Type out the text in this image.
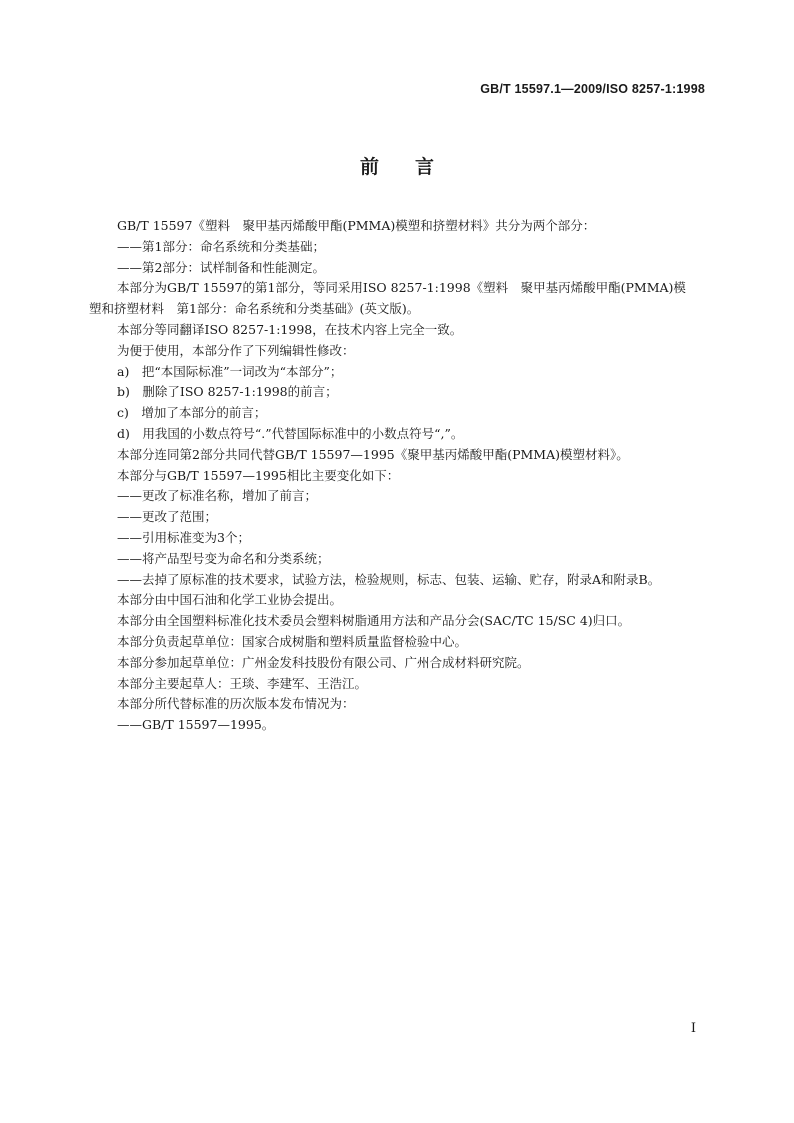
GB/T 15597.1—2009/ISO 8257-1:1998
前言

GB/T 15597《塑料　聚甲基丙烯酸甲酯(PMMA)模塑和挤塑材料》共分为两个部分：

——第1部分：命名系统和分类基础；

——第2部分：试样制备和性能测定。

本部分为GB/T 15597的第1部分，等同采用ISO 8257-1:1998《塑料　聚甲基丙烯酸甲酯(PMMA)模

塑和挤塑材料　第1部分：命名系统和分类基础》(英文版)。

本部分等同翻译ISO 8257-1:1998，在技术内容上完全一致。

为便于使用，本部分作了下列编辑性修改：

a)　把“本国际标准”一词改为“本部分”；

b)　删除了ISO 8257-1:1998的前言；

c)　增加了本部分的前言；

d)　用我国的小数点符号“.”代替国际标准中的小数点符号“,”。

本部分连同第2部分共同代替GB/T 15597—1995《聚甲基丙烯酸甲酯(PMMA)模塑材料》。

本部分与GB/T 15597—1995相比主要变化如下：

——更改了标准名称，增加了前言；

——更改了范围；

——引用标准变为3个；

——将产品型号变为命名和分类系统；

——去掉了原标准的技术要求，试验方法，检验规则，标志、包装、运输、贮存，附录A和附录B。

本部分由中国石油和化学工业协会提出。

本部分由全国塑料标准化技术委员会塑料树脂通用方法和产品分会(SAC/TC 15/SC 4)归口。

本部分负责起草单位：国家合成树脂和塑料质量监督检验中心。

本部分参加起草单位：广州金发科技股份有限公司、广州合成材料研究院。

本部分主要起草人：王琰、李建军、王浩江。

本部分所代替标准的历次版本发布情况为：

——GB/T 15597—1995。

I
